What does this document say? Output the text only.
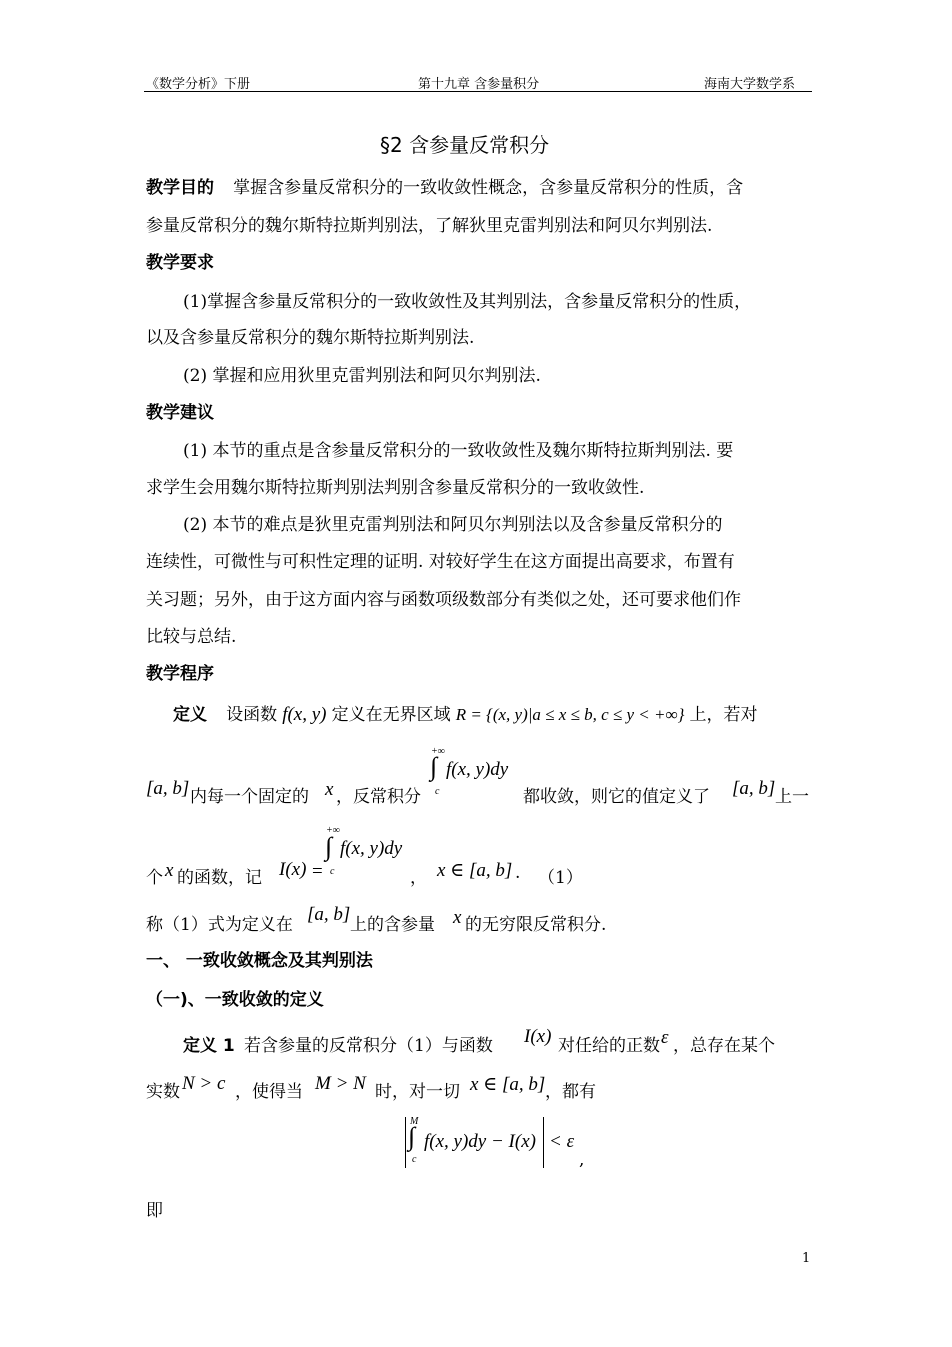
《数学分析》下册	第十九章 含参量积分	海南大学数学系
§2 含参量反常积分
教学目的 掌握含参量反常积分的一致收敛性概念，含参量反常积分的性质，含
参量反常积分的魏尔斯特拉斯判别法，了解狄里克雷判别法和阿贝尔判别法.
教学要求
(1)掌握含参量反常积分的一致收敛性及其判别法，含参量反常积分的性质，
以及含参量反常积分的魏尔斯特拉斯判别法.
(2) 掌握和应用狄里克雷判别法和阿贝尔判别法.
教学建议
(1) 本节的重点是含参量反常积分的一致收敛性及魏尔斯特拉斯判别法. 要
求学生会用魏尔斯特拉斯判别法判别含参量反常积分的一致收敛性.
(2) 本节的难点是狄里克雷判别法和阿贝尔判别法以及含参量反常积分的
连续性，可微性与可积性定理的证明. 对较好学生在这方面提出高要求，布置有
关习题；另外，由于这方面内容与函数项级数部分有类似之处，还可要求他们作
比较与总结.
教学程序
定义 设函数 f(x, y) 定义在无界区域 R = {(x, y)|a ≤ x ≤ b, c ≤ y < +∞} 上，若对
[a, b] 内每一个固定的 x ，反常积分
+∞
∫
c
f(x, y)dy
都收敛，则它的值定义了 [a, b] 上一
个 x 的函数，记 I(x) =
+∞
∫
c
f(x, y)dy
， x ∈ [a, b] . （1）
称（1）式为定义在 [a, b] 上的含参量 x 的无穷限反常积分.
一、 一致收敛概念及其判别法
（一)、一致收敛的定义
定义 1 若含参量的反常积分（1）与函数 I(x) 对任给的正数 ε ，总存在某个
实数 N > c ，使得当 M > N 时，对一切 x ∈ [a, b] ，都有
M
∫
c
f(x, y)dy − I(x) < ε
,
即
1
